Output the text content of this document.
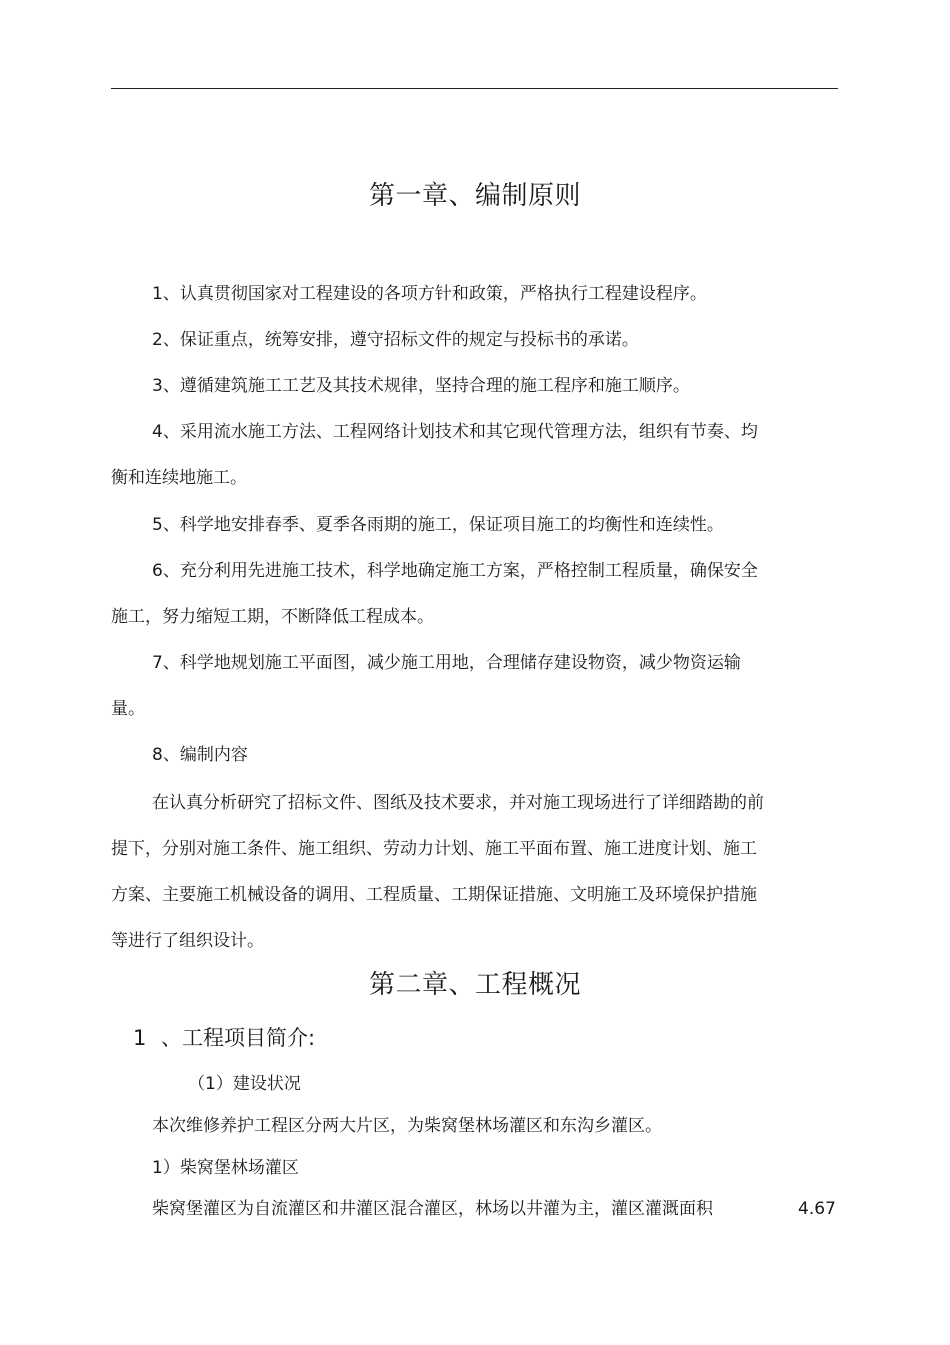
第一章、编制原则
1、认真贯彻国家对工程建设的各项方针和政策，严格执行工程建设程序。
2、保证重点，统筹安排，遵守招标文件的规定与投标书的承诺。
3、遵循建筑施工工艺及其技术规律，坚持合理的施工程序和施工顺序。
4、采用流水施工方法、工程网络计划技术和其它现代管理方法，组织有节奏、均
衡和连续地施工。
5、科学地安排春季、夏季各雨期的施工，保证项目施工的均衡性和连续性。
6、充分利用先进施工技术，科学地确定施工方案，严格控制工程质量，确保安全
施工，努力缩短工期，不断降低工程成本。
7、科学地规划施工平面图，减少施工用地，合理储存建设物资，减少物资运输
量。
8、编制内容
在认真分析研究了招标文件、图纸及技术要求，并对施工现场进行了详细踏勘的前
提下，分别对施工条件、施工组织、劳动力计划、施工平面布置、施工进度计划、施工
方案、主要施工机械设备的调用、工程质量、工期保证措施、文明施工及环境保护措施
等进行了组织设计。
第二章、工程概况
1 、工程项目简介:
（1）建设状况
本次维修养护工程区分两大片区，为柴窝堡林场灌区和东沟乡灌区。
1）柴窝堡林场灌区
柴窝堡灌区为自流灌区和井灌区混合灌区，林场以井灌为主，灌区灌溉面积	4.67
